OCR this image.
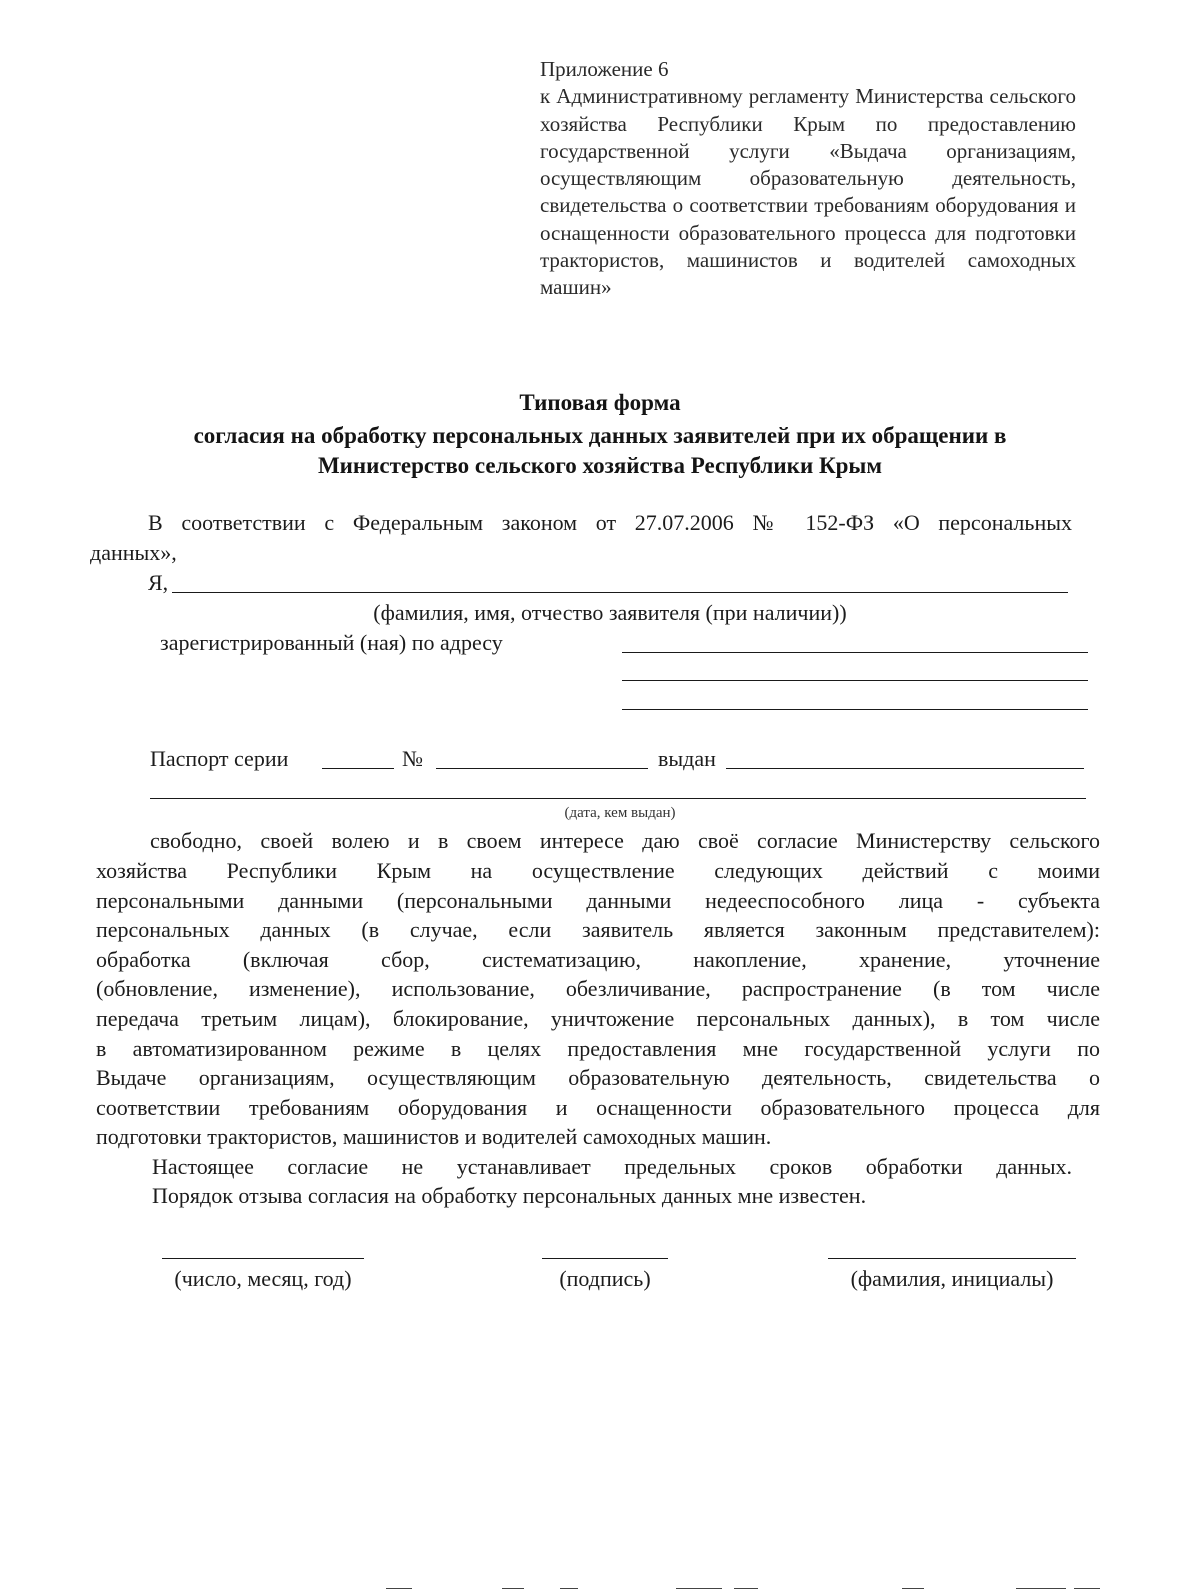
Приложение 6
к Административному регламенту Министерства сельского хозяйства Республики Крым по предоставлению государственной услуги «Выдача организациям, осуществляющим образовательную деятельность, свидетельства о соответствии требованиям оборудования и оснащенности образовательного процесса для подготовки трактористов, машинистов и водителей самоходных машин»
Типовая форма
согласия на обработку персональных данных заявителей при их обращении в
Министерство сельского хозяйства Республики Крым
В соответствии с Федеральным законом от 27.07.2006 № 152-ФЗ «О персональных
данных»,
Я,
(фамилия, имя, отчество заявителя (при наличии))
зарегистрированный (ная) по адресу
Паспорт серии	№	выдан
(дата, кем выдан)
свободно, своей волею и в своем интересе даю своё согласие Министерству сельского
хозяйства Республики Крым на осуществление следующих действий с моими
персональными данными (персональными данными недееспособного лица - субъекта
персональных данных (в случае, если заявитель является законным представителем):
обработка (включая сбор, систематизацию, накопление, хранение, уточнение
(обновление, изменение), использование, обезличивание, распространение (в том числе
передача третьим лицам), блокирование, уничтожение персональных данных), в том числе
в автоматизированном режиме в целях предоставления мне государственной услуги по
Выдаче организациям, осуществляющим образовательную деятельность, свидетельства о
соответствии требованиям оборудования и оснащенности образовательного процесса для
подготовки трактористов, машинистов и водителей самоходных машин.
Настоящее согласие не устанавливает предельных сроков обработки данных.
Порядок отзыва согласия на обработку персональных данных мне известен.
(число, месяц, год)	(подпись)	(фамилия, инициалы)
